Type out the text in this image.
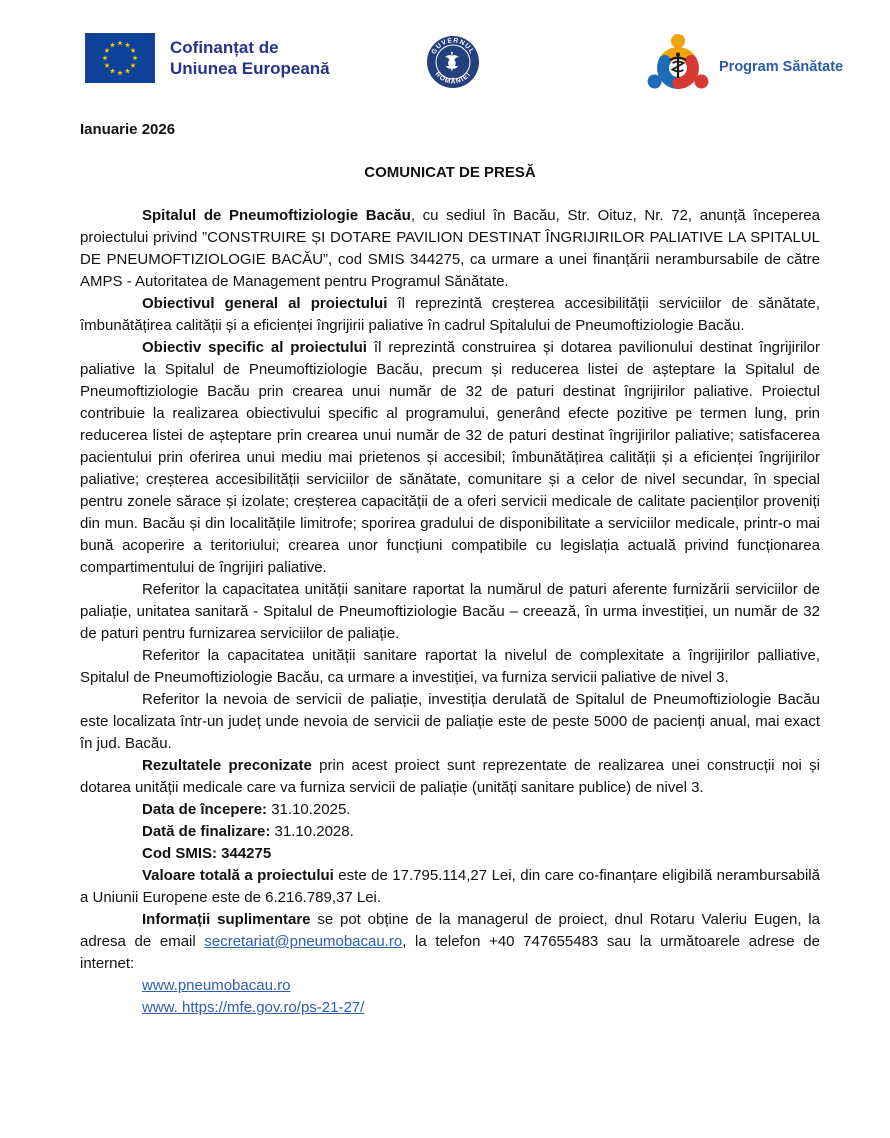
Cofinanțat de
Uniunea Europeană
GUVERNUL
ROMÂNIEI	Program Sănătate
Ianuarie 2026
COMUNICAT DE PRESĂ

Spitalul de Pneumoftiziologie Bacău, cu sediul în Bacău, Str. Oituz, Nr. 72, anunță începerea proiectului privind ”CONSTRUIRE ȘI DOTARE PAVILION DESTINAT ÎNGRIJIRILOR PALIATIVE LA SPITALUL DE PNEUMOFTIZIOLOGIE BACĂU”, cod SMIS 344275, ca urmare a unei finanțării nerambursabile de către AMPS - Autoritatea de Management pentru Programul Sănătate.

Obiectivul general al proiectului îl reprezintă creșterea accesibilității serviciilor de sănătate, îmbunătățirea calității și a eficienței îngrijirii paliative în cadrul Spitalului de Pneumoftiziologie Bacău.

Obiectiv specific al proiectului îl reprezintă construirea și dotarea pavilionului destinat îngrijirilor paliative la Spitalul de Pneumoftiziologie Bacău, precum și reducerea listei de așteptare la Spitalul de Pneumoftiziologie Bacău prin crearea unui număr de 32 de paturi destinat îngrijirilor paliative. Proiectul contribuie la realizarea obiectivului specific al programului, generând efecte pozitive pe termen lung, prin reducerea listei de așteptare prin crearea unui număr de 32 de paturi destinat îngrijirilor paliative; satisfacerea pacientului prin oferirea unui mediu mai prietenos și accesibil; îmbunătățirea calității și a eficienței îngrijirilor paliative; creșterea accesibilității serviciilor de sănătate, comunitare și a celor de nivel secundar, în special pentru zonele sărace și izolate; creșterea capacității de a oferi servicii medicale de calitate pacienților proveniți din mun. Bacău și din localitățile limitrofe; sporirea gradului de disponibilitate a serviciilor medicale, printr-o mai bună acoperire a teritoriului; crearea unor funcțiuni compatibile cu legislația actuală privind funcționarea compartimentului de îngrijiri paliative.

Referitor la capacitatea unității sanitare raportat la numărul de paturi aferente furnizării serviciilor de paliație, unitatea sanitară - Spitalul de Pneumoftiziologie Bacău – creează, în urma investiției, un număr de 32 de paturi pentru furnizarea serviciilor de paliație.

Referitor la capacitatea unității sanitare raportat la nivelul de complexitate a îngrijirilor palliative, Spitalul de Pneumoftiziologie Bacău, ca urmare a investiției, va furniza servicii paliative de nivel 3.

Referitor la nevoia de servicii de paliație, investiția derulată de Spitalul de Pneumoftiziologie Bacău este localizata într-un județ unde nevoia de servicii de paliație este de peste 5000 de pacienți anual, mai exact în jud. Bacău.

Rezultatele preconizate prin acest proiect sunt reprezentate de realizarea unei construcții noi și dotarea unității medicale care va furniza servicii de paliație (unități sanitare publice) de nivel 3.

Data de începere: 31.10.2025.

Dată de finalizare: 31.10.2028.

Cod SMIS: 344275

Valoare totală a proiectului este de 17.795.114,27 Lei, din care co-finanțare eligibilă nerambursabilă a Uniunii Europene este de 6.216.789,37 Lei.

Informații suplimentare se pot obține de la managerul de proiect, dnul Rotaru Valeriu Eugen, la adresa de email secretariat@pneumobacau.ro, la telefon +40 747655483 sau la următoarele adrese de internet:

www.pneumobacau.ro

www. https://mfe.gov.ro/ps-21-27/
